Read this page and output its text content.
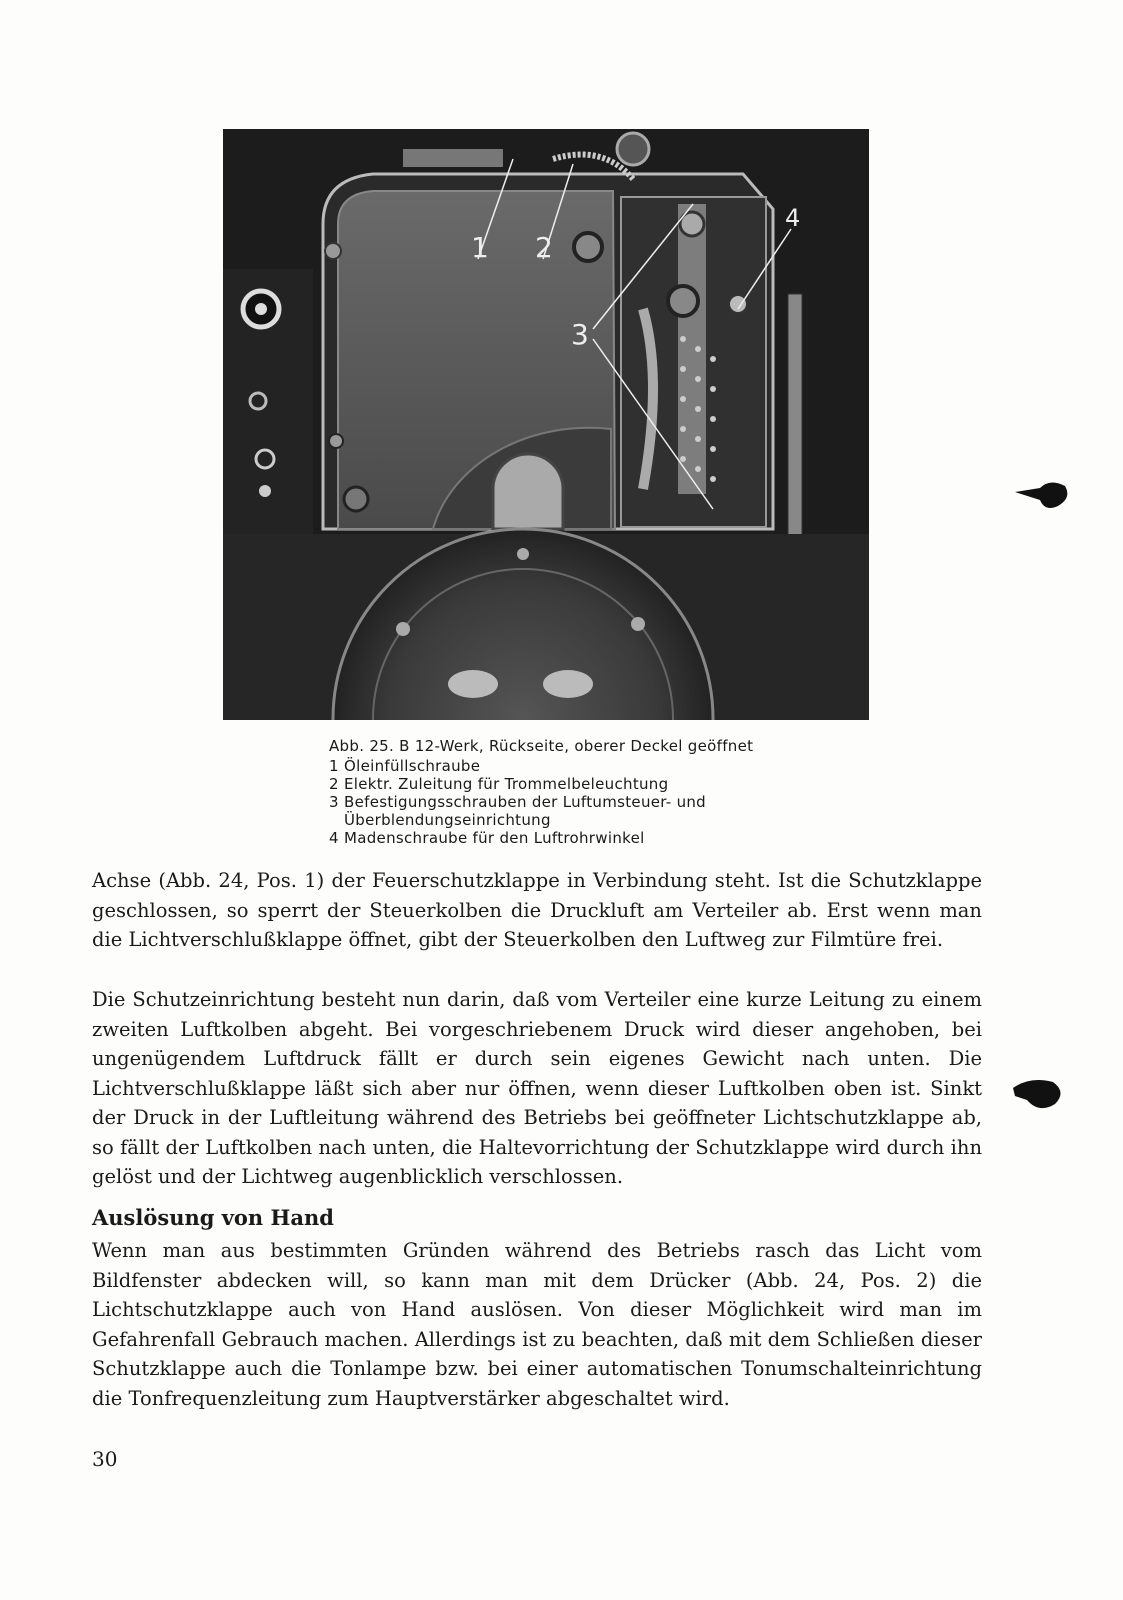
1 2
3
4
Abb. 25. B 12-Werk, Rückseite, oberer Deckel geöffnet
1 Öleinfüllschraube
2 Elektr. Zuleitung für Trommelbeleuchtung
3 Befestigungsschrauben der Luftumsteuer- und
Überblendungseinrichtung
4 Madenschraube für den Luftrohrwinkel
Achse (Abb. 24, Pos. 1) der Feuerschutzklappe in Verbindung steht. Ist die Schutzklappe geschlossen, so sperrt der Steuerkolben die Druckluft am Verteiler ab. Erst wenn man die Lichtverschlußklappe öffnet, gibt der Steuerkolben den Luftweg zur Filmtüre frei.
Die Schutzeinrichtung besteht nun darin, daß vom Verteiler eine kurze Leitung zu einem zweiten Luftkolben abgeht. Bei vorgeschriebenem Druck wird dieser angehoben, bei ungenügendem Luftdruck fällt er durch sein eigenes Gewicht nach unten. Die Lichtverschlußklappe läßt sich aber nur öffnen, wenn dieser Luftkolben oben ist. Sinkt der Druck in der Luftleitung während des Betriebs bei geöffneter Lichtschutzklappe ab, so fällt der Luftkolben nach unten, die Haltevorrichtung der Schutzklappe wird durch ihn gelöst und der Lichtweg augenblicklich verschlossen.
Auslösung von Hand
Wenn man aus bestimmten Gründen während des Betriebs rasch das Licht vom Bildfenster abdecken will, so kann man mit dem Drücker (Abb. 24, Pos. 2) die Lichtschutzklappe auch von Hand auslösen. Von dieser Möglichkeit wird man im Gefahrenfall Gebrauch machen. Allerdings ist zu beachten, daß mit dem Schließen dieser Schutzklappe auch die Tonlampe bzw. bei einer automatischen Tonumschalteinrichtung die Tonfrequenzleitung zum Hauptverstärker abgeschaltet wird.
30
